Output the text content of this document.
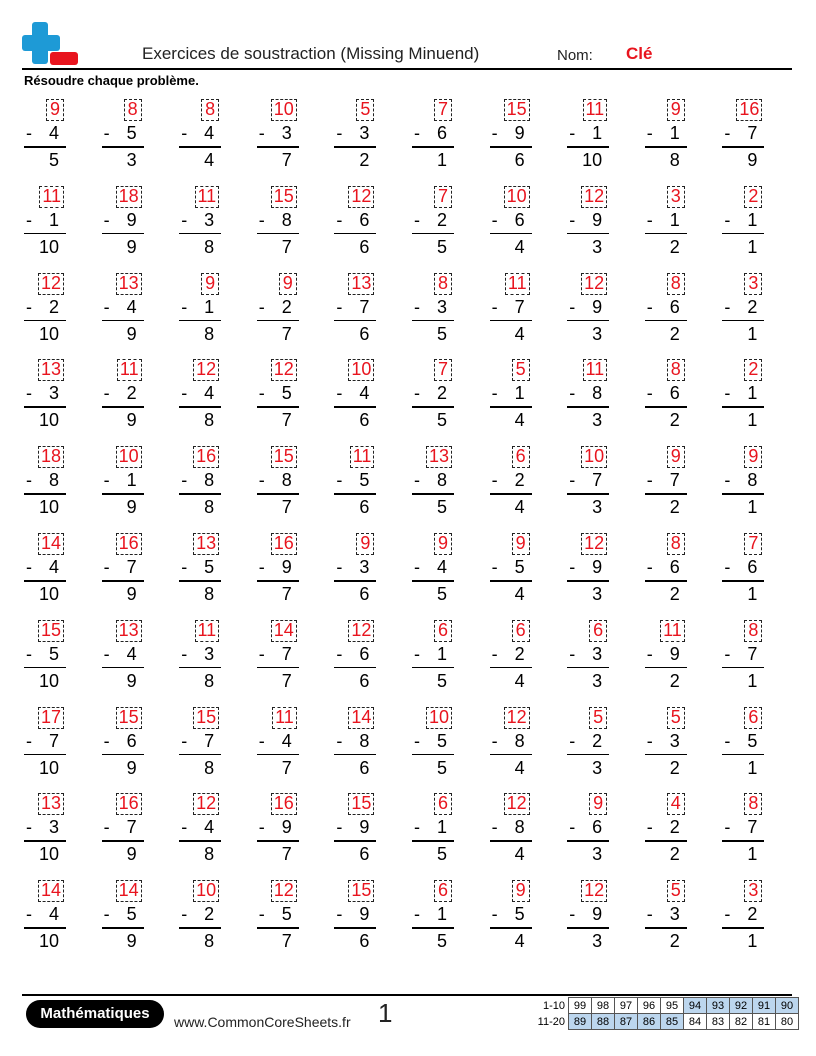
Exercices de soustraction (Missing Minuend)	Nom: Clé
Résoudre chaque problème.
9
- 4
5
8
- 5
3
8
- 4
4
10
- 3
7
5
- 3
2
7
- 6
1
15
- 9
6
11
- 1
10
9
- 1
8
16
- 7
9
11
- 1
10
18
- 9
9
11
- 3
8
15
- 8
7
12
- 6
6
7
- 2
5
10
- 6
4
12
- 9
3
3
- 1
2
2
- 1
1
12
- 2
10
13
- 4
9
9
- 1
8
9
- 2
7
13
- 7
6
8
- 3
5
11
- 7
4
12
- 9
3
8
- 6
2
3
- 2
1
13
- 3
10
11
- 2
9
12
- 4
8
12
- 5
7
10
- 4
6
7
- 2
5
5
- 1
4
11
- 8
3
8
- 6
2
2
- 1
1
18
- 8
10
10
- 1
9
16
- 8
8
15
- 8
7
11
- 5
6
13
- 8
5
6
- 2
4
10
- 7
3
9
- 7
2
9
- 8
1
14
- 4
10
16
- 7
9
13
- 5
8
16
- 9
7
9
- 3
6
9
- 4
5
9
- 5
4
12
- 9
3
8
- 6
2
7
- 6
1
15
- 5
10
13
- 4
9
11
- 3
8
14
- 7
7
12
- 6
6
6
- 1
5
6
- 2
4
6
- 3
3
11
- 9
2
8
- 7
1
17
- 7
10
15
- 6
9
15
- 7
8
11
- 4
7
14
- 8
6
10
- 5
5
12
- 8
4
5
- 2
3
5
- 3
2
6
- 5
1
13
- 3
10
16
- 7
9
12
- 4
8
16
- 9
7
15
- 9
6
6
- 1
5
12
- 8
4
9
- 6
3
4
- 2
2
8
- 7
1
14
- 4
10
14
- 5
9
10
- 2
8
12
- 5
7
15
- 9
6
6
- 1
5
9
- 5
4
12
- 9
3
5
- 3
2
3
- 2
1
Mathématiques	www.CommonCoreSheets.fr 1	1-10	99	98	97	96	95	94	93	92	91	90
11-20	89	88	87	86	85	84	83	82	81	80
